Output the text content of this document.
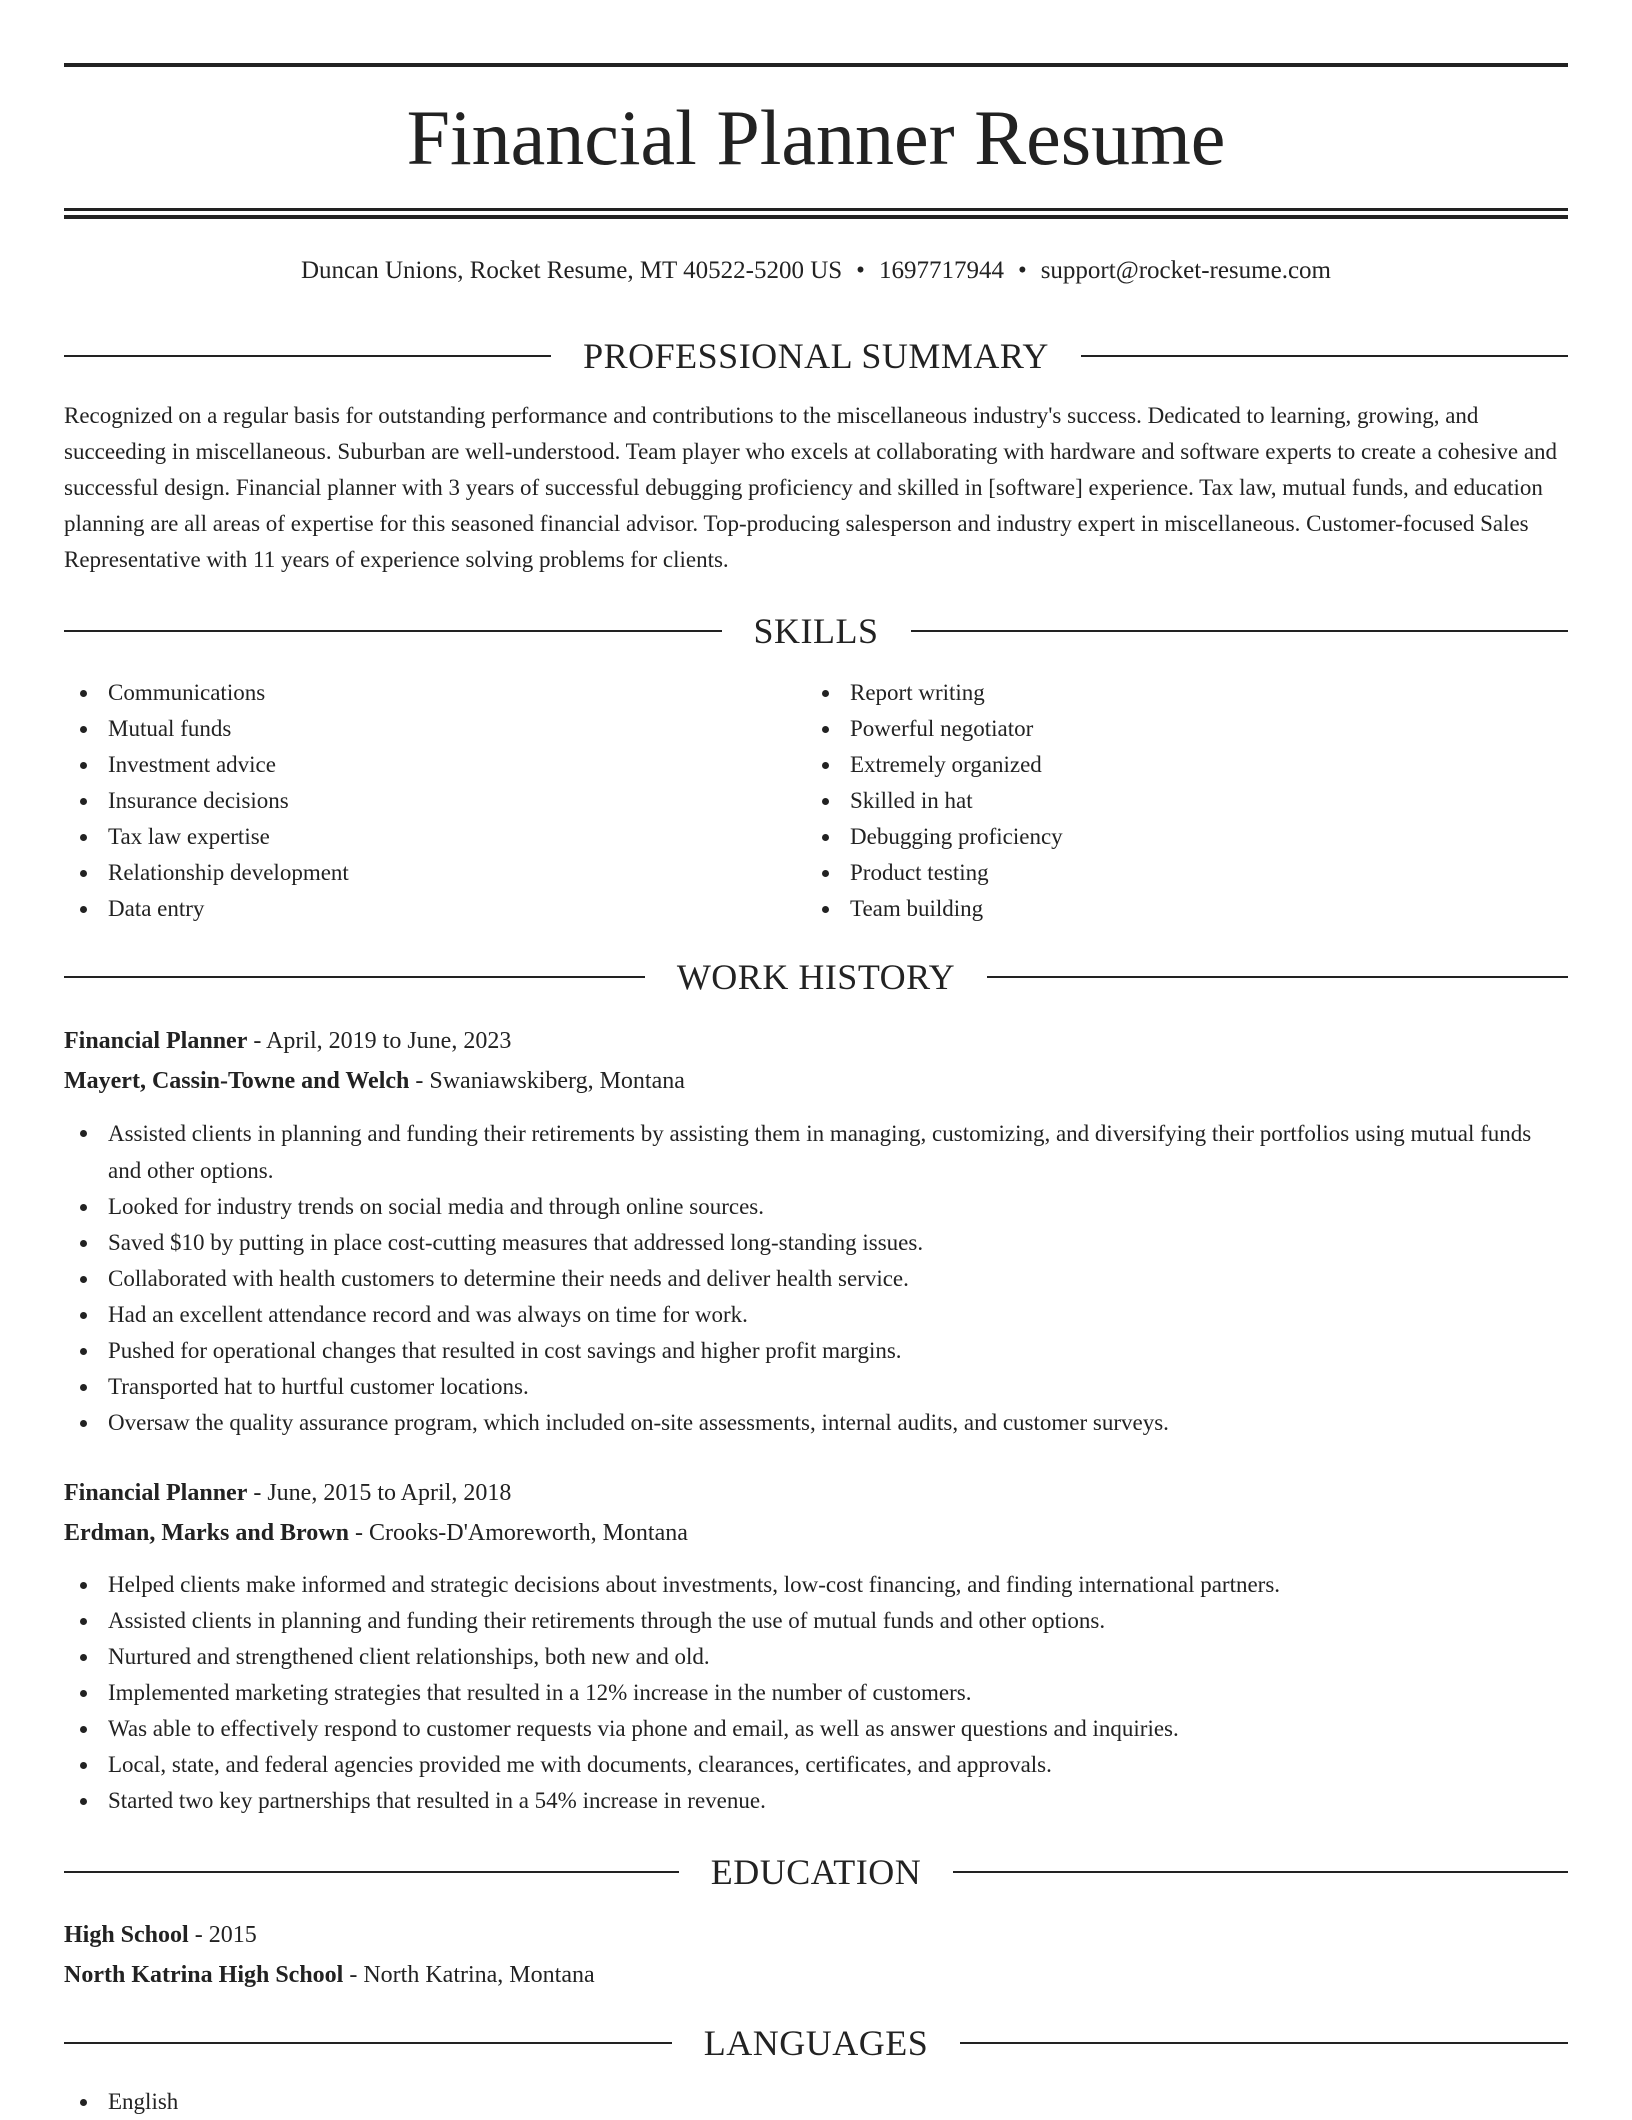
Financial Planner Resume
Duncan Unions, Rocket Resume, MT 40522-5200 US • 1697717944 • support@rocket-resume.com
PROFESSIONAL SUMMARY

Recognized on a regular basis for outstanding performance and contributions to the miscellaneous industry's success. Dedicated to learning, growing, and succeeding in miscellaneous. Suburban are well-understood. Team player who excels at collaborating with hardware and software experts to create a cohesive and successful design. Financial planner with 3 years of successful debugging proficiency and skilled in [software] experience. Tax law, mutual funds, and education planning are all areas of expertise for this seasoned financial advisor. Top-producing salesperson and industry expert in miscellaneous. Customer-focused Sales Representative with 11 years of experience solving problems for clients.

SKILLS
Communications
Mutual funds
Investment advice
Insurance decisions
Tax law expertise
Relationship development
Data entry
Report writing
Powerful negotiator
Extremely organized
Skilled in hat
Debugging proficiency
Product testing
Team building
WORK HISTORY
Financial Planner - April, 2019 to June, 2023
Mayert, Cassin-Towne and Welch - Swaniawskiberg, Montana
Assisted clients in planning and funding their retirements by assisting them in managing, customizing, and diversifying their portfolios using mutual funds and other options.
Looked for industry trends on social media and through online sources.
Saved $10 by putting in place cost-cutting measures that addressed long-standing issues.
Collaborated with health customers to determine their needs and deliver health service.
Had an excellent attendance record and was always on time for work.
Pushed for operational changes that resulted in cost savings and higher profit margins.
Transported hat to hurtful customer locations.
Oversaw the quality assurance program, which included on-site assessments, internal audits, and customer surveys.
Financial Planner - June, 2015 to April, 2018
Erdman, Marks and Brown - Crooks-D'Amoreworth, Montana
Helped clients make informed and strategic decisions about investments, low-cost financing, and finding international partners.
Assisted clients in planning and funding their retirements through the use of mutual funds and other options.
Nurtured and strengthened client relationships, both new and old.
Implemented marketing strategies that resulted in a 12% increase in the number of customers.
Was able to effectively respond to customer requests via phone and email, as well as answer questions and inquiries.
Local, state, and federal agencies provided me with documents, clearances, certificates, and approvals.
Started two key partnerships that resulted in a 54% increase in revenue.
EDUCATION
High School - 2015
North Katrina High School - North Katrina, Montana
LANGUAGES
English
